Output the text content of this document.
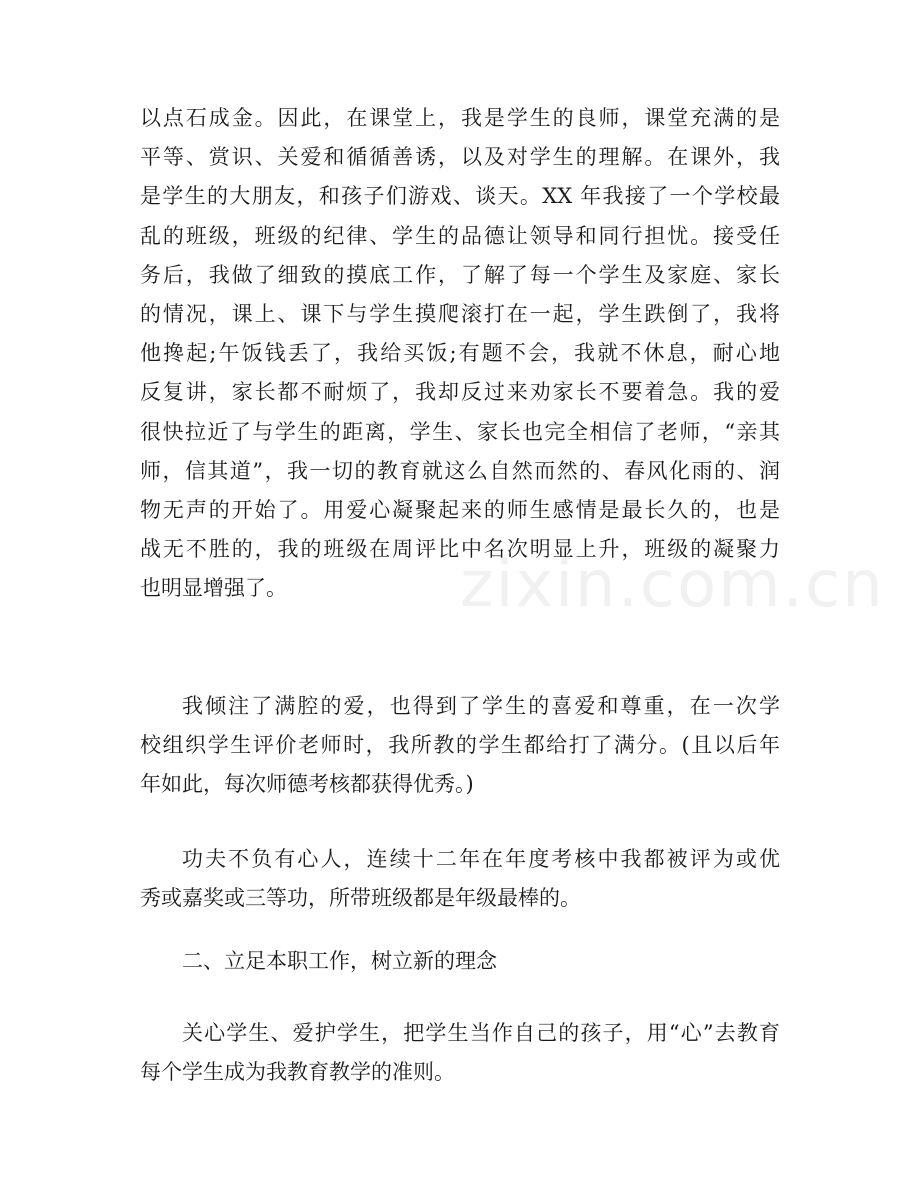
以点石成金。因此，在课堂上，我是学生的良师，课堂充满的是
平等、赏识、关爱和循循善诱，以及对学生的理解。在课外，我
是学生的大朋友，和孩子们游戏、谈天。XX 年我接了一个学校最
乱的班级，班级的纪律、学生的品德让领导和同行担忧。接受任
务后，我做了细致的摸底工作，了解了每一个学生及家庭、家长
的情况，课上、课下与学生摸爬滚打在一起，学生跌倒了，我将
他搀起;午饭钱丢了，我给买饭;有题不会，我就不休息，耐心地
反复讲，家长都不耐烦了，我却反过来劝家长不要着急。我的爱
很快拉近了与学生的距离，学生、家长也完全相信了老师，“亲其
师，信其道”，我一切的教育就这么自然而然的、春风化雨的、润
物无声的开始了。用爱心凝聚起来的师生感情是最长久的，也是
战无不胜的，我的班级在周评比中名次明显上升，班级的凝聚力
也明显增强了。
我倾注了满腔的爱，也得到了学生的喜爱和尊重，在一次学
校组织学生评价老师时，我所教的学生都给打了满分。(且以后年
年如此，每次师德考核都获得优秀。)
功夫不负有心人，连续十二年在年度考核中我都被评为或优
秀或嘉奖或三等功，所带班级都是年级最棒的。
二、立足本职工作，树立新的理念
关心学生、爱护学生，把学生当作自己的孩子，用“心”去教育
每个学生成为我教育教学的准则。
zixin.com.cn
